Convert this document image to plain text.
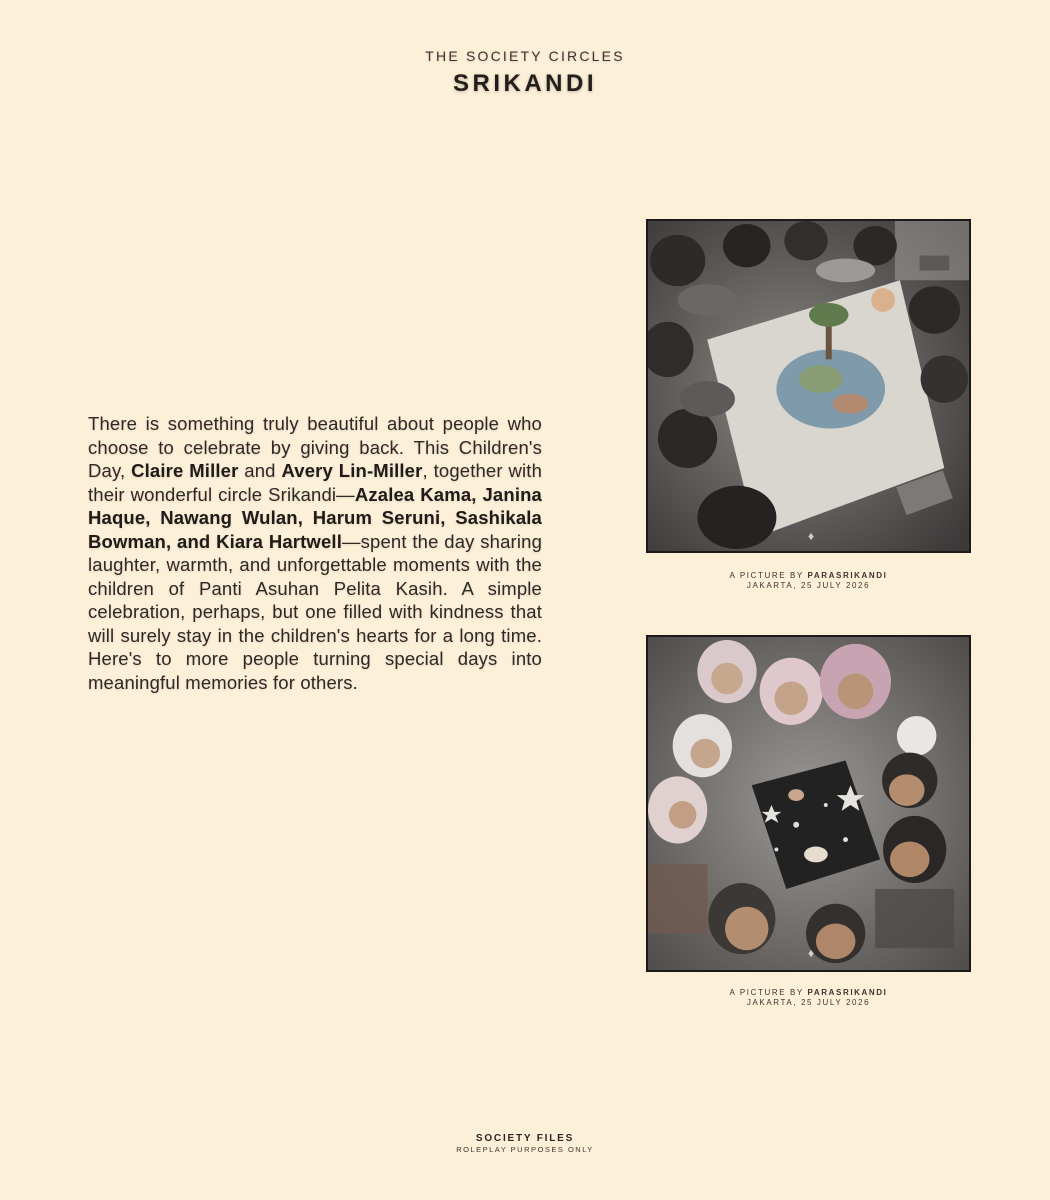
THE SOCIETY CIRCLES
SRIKANDI
There is something truly beautiful about people who choose to celebrate by giving back. This Children's Day, Claire Miller and Avery Lin-Miller, together with their wonderful circle Srikandi—Azalea Kama, Janina Haque, Nawang Wulan, Harum Seruni, Sashikala Bowman, and Kiara Hartwell—spent the day sharing laughter, warmth, and unforgettable moments with the children of Panti Asuhan Pelita Kasih. A simple celebration, perhaps, but one filled with kindness that will surely stay in the children's hearts for a long time. Here's to more people turning special days into meaningful memories for others.
♦
A PICTURE BY PARASRIKANDI
JAKARTA, 25 JULY 2026
♦
A PICTURE BY PARASRIKANDI
JAKARTA, 25 JULY 2026
SOCIETY FILES
ROLEPLAY PURPOSES ONLY
